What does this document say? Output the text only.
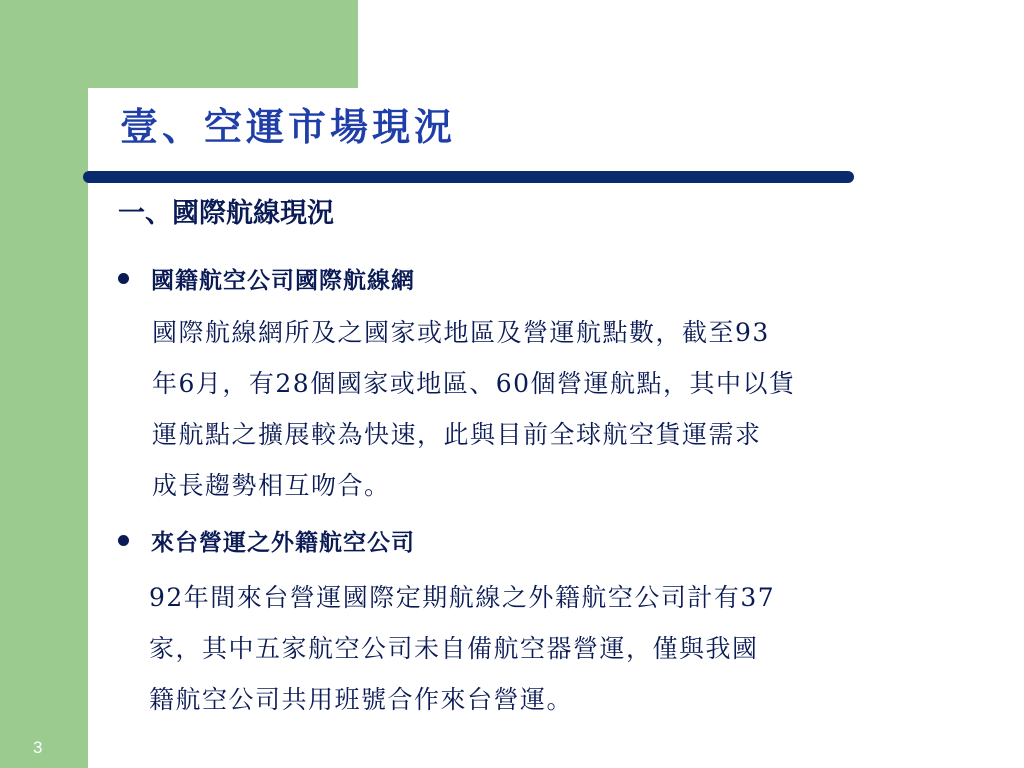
壹、空運市場現況
一、國際航線現況
國籍航空公司國際航線網

國際航線網所及之國家或地區及營運航點數，截至93
年6月，有28個國家或地區、60個營運航點，其中以貨
運航點之擴展較為快速，此與目前全球航空貨運需求
成長趨勢相互吻合。

來台營運之外籍航空公司

92年間來台營運國際定期航線之外籍航空公司計有37
家，其中五家航空公司未自備航空器營運，僅與我國
籍航空公司共用班號合作來台營運。

3
